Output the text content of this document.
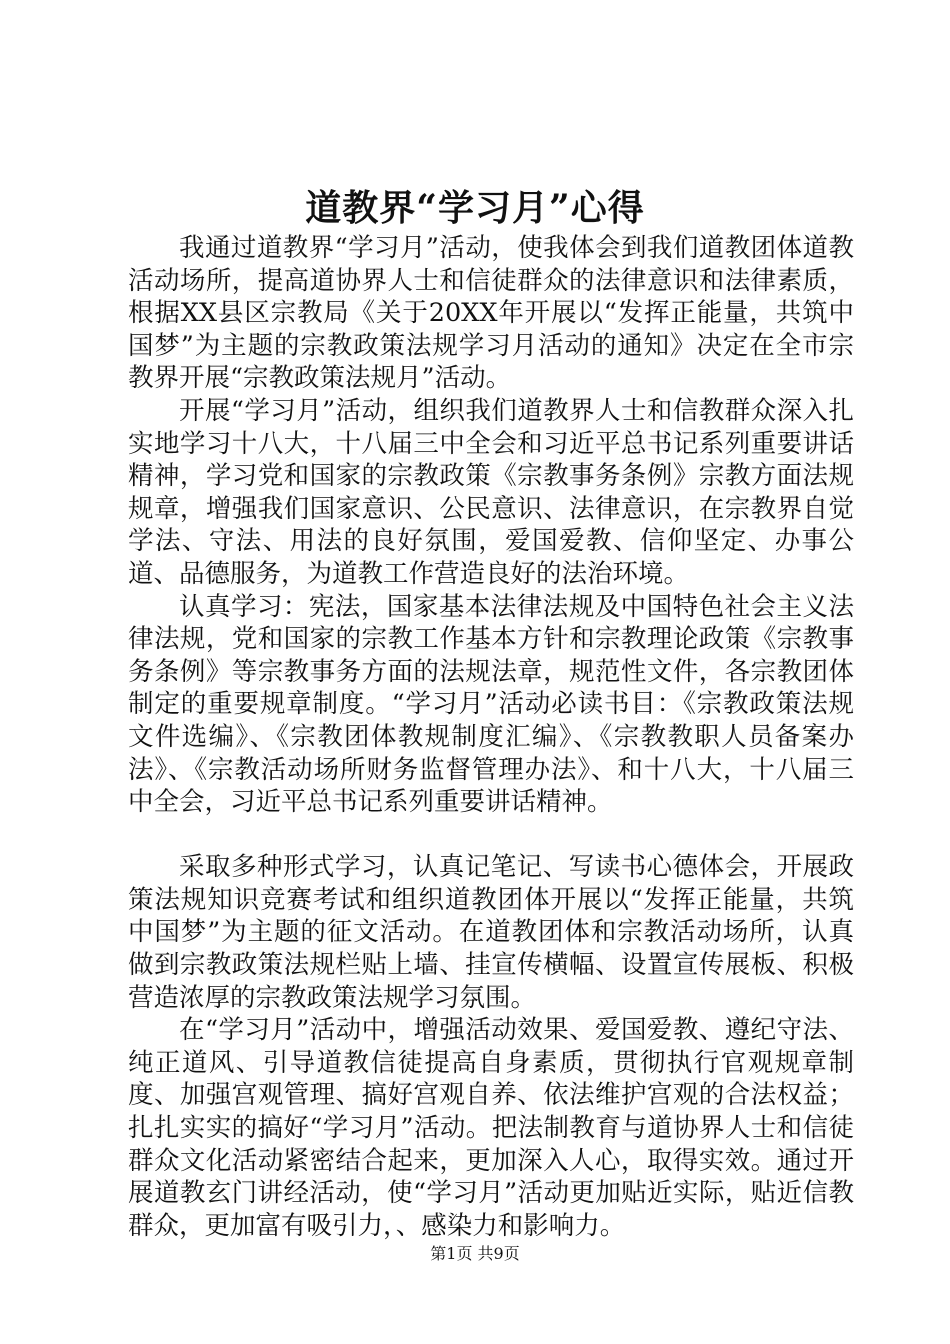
道教界“学习月”心得

我通过道教界“学习月”活动，使我体会到我们道教团体道教活动场所，提高道协界人士和信徒群众的法律意识和法律素质，根据XX县区宗教局《关于20XX年开展以“发挥正能量，共筑中国梦”为主题的宗教政策法规学习月活动的通知》决定在全市宗教界开展“宗教政策法规月”活动。

开展“学习月”活动，组织我们道教界人士和信教群众深入扎实地学习十八大，十八届三中全会和习近平总书记系列重要讲话精神，学习党和国家的宗教政策《宗教事务条例》宗教方面法规规章，增强我们国家意识、公民意识、法律意识，在宗教界自觉学法、守法、用法的良好氛围，爱国爱教、信仰坚定、办事公道、品德服务，为道教工作营造良好的法治环境。

认真学习：宪法，国家基本法律法规及中国特色社会主义法律法规，党和国家的宗教工作基本方针和宗教理论政策《宗教事务条例》等宗教事务方面的法规法章，规范性文件，各宗教团体制定的重要规章制度。“学习月”活动必读书目：《宗教政策法规文件选编》、《宗教团体教规制度汇编》、《宗教教职人员备案办法》、《宗教活动场所财务监督管理办法》、和十八大，十八届三中全会，习近平总书记系列重要讲话精神。

采取多种形式学习，认真记笔记、写读书心德体会，开展政策法规知识竞赛考试和组织道教团体开展以“发挥正能量，共筑中国梦”为主题的征文活动。在道教团体和宗教活动场所，认真做到宗教政策法规栏贴上墙、挂宣传横幅、设置宣传展板、积极营造浓厚的宗教政策法规学习氛围。

在“学习月”活动中，增强活动效果、爱国爱教、遵纪守法、纯正道风、引导道教信徒提高自身素质，贯彻执行官观规章制度、加强宫观管理、搞好宫观自养、依法维护宫观的合法权益；扎扎实实的搞好“学习月”活动。把法制教育与道协界人士和信徒群众文化活动紧密结合起来，更加深入人心，取得实效。通过开展道教玄门讲经活动，使“学习月”活动更加贴近实际，贴近信教群众，更加富有吸引力，、感染力和影响力。

第1页 共9页
